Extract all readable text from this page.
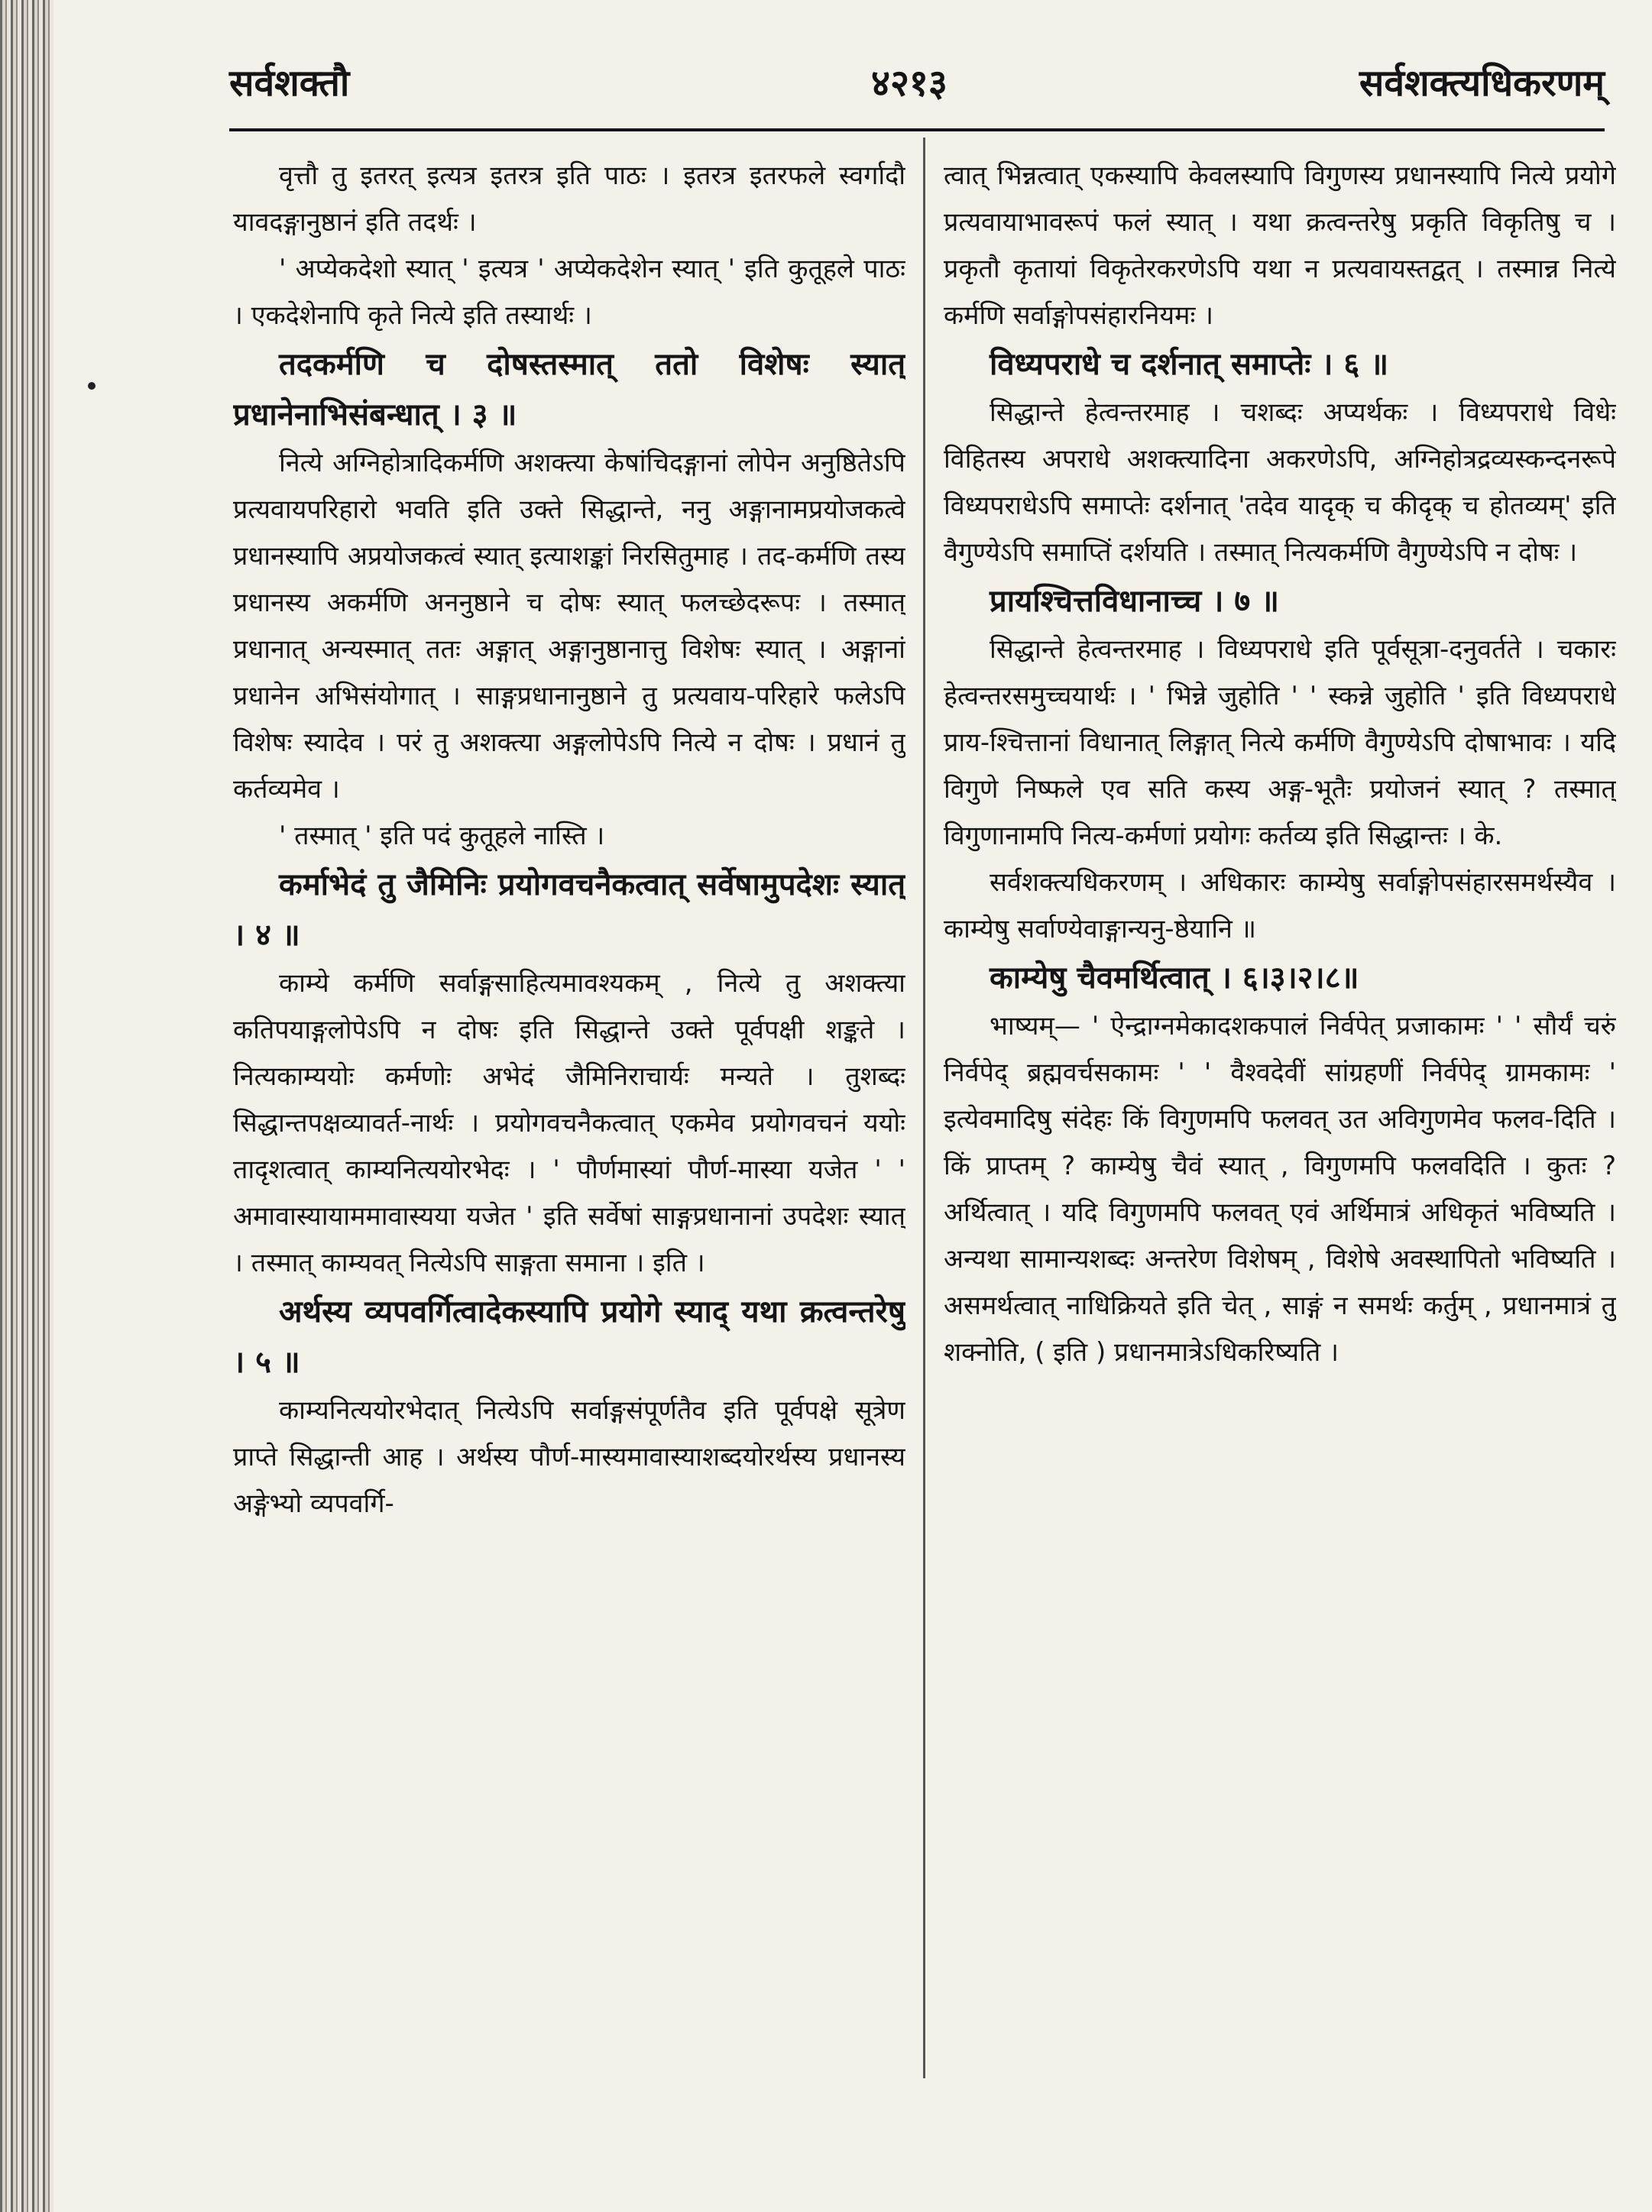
सर्वशक्तौ	४२१३	सर्वशक्त्यधिकरणम्

वृत्तौ तु इतरत् इत्यत्र इतरत्र इति पाठः । इतरत्र इतरफले स्वर्गादौ यावदङ्गानुष्ठानं इति तदर्थः ।

' अप्येकदेशो स्यात् ' इत्यत्र ' अप्येकदेशेन स्यात् ' इति कुतूहले पाठः । एकदेशेनापि कृते नित्ये इति तस्यार्थः ।

तदकर्मणि च दोषस्तस्मात् ततो विशेषः स्यात् प्रधानेनाभिसंबन्धात् । ३ ॥

नित्ये अग्निहोत्रादिकर्मणि अशक्त्या केषांचिदङ्गानां लोपेन अनुष्ठितेऽपि प्रत्यवायपरिहारो भवति इति उक्ते सिद्धान्ते, ननु अङ्गानामप्रयोजकत्वे प्रधानस्यापि अप्रयोजकत्वं स्यात् इत्याशङ्कां निरसितुमाह । तद-कर्मणि तस्य प्रधानस्य अकर्मणि अननुष्ठाने च दोषः स्यात् फलच्छेदरूपः । तस्मात् प्रधानात् अन्यस्मात् ततः अङ्गात् अङ्गानुष्ठानात्तु विशेषः स्यात् । अङ्गानां प्रधानेन अभिसंयोगात् । साङ्गप्रधानानुष्ठाने तु प्रत्यवाय-परिहारे फलेऽपि विशेषः स्यादेव । परं तु अशक्त्या अङ्गलोपेऽपि नित्ये न दोषः । प्रधानं तु कर्तव्यमेव ।

' तस्मात् ' इति पदं कुतूहले नास्ति ।

कर्माभेदं तु जैमिनिः प्रयोगवचनैकत्वात् सर्वेषामुपदेशः स्यात् । ४ ॥

काम्ये कर्मणि सर्वाङ्गसाहित्यमावश्यकम् , नित्ये तु अशक्त्या कतिपयाङ्गलोपेऽपि न दोषः इति सिद्धान्ते उक्ते पूर्वपक्षी शङ्कते । नित्यकाम्ययोः कर्मणोः अभेदं जैमिनिराचार्यः मन्यते । तुशब्दः सिद्धान्तपक्षव्यावर्त-नार्थः । प्रयोगवचनैकत्वात् एकमेव प्रयोगवचनं ययोः तादृशत्वात् काम्यनित्ययोरभेदः । ' पौर्णमास्यां पौर्ण-मास्या यजेत ' ' अमावास्यायाममावास्यया यजेत ' इति सर्वेषां साङ्गप्रधानानां उपदेशः स्यात् । तस्मात् काम्यवत् नित्येऽपि साङ्गता समाना । इति ।

अर्थस्य व्यपवर्गित्वादेकस्यापि प्रयोगे स्याद् यथा क्रत्वन्तरेषु । ५ ॥

काम्यनित्ययोरभेदात् नित्येऽपि सर्वाङ्गसंपूर्णतैव इति पूर्वपक्षे सूत्रेण प्राप्ते सिद्धान्ती आह । अर्थस्य पौर्ण-मास्यमावास्याशब्दयोरर्थस्य प्रधानस्य अङ्गेभ्यो व्यपवर्गि-

त्वात् भिन्नत्वात् एकस्यापि केवलस्यापि विगुणस्य प्रधानस्यापि नित्ये प्रयोगे प्रत्यवायाभावरूपं फलं स्यात् । यथा क्रत्वन्तरेषु प्रकृति विकृतिषु च । प्रकृतौ कृतायां विकृतेरकरणेऽपि यथा न प्रत्यवायस्तद्वत् । तस्मान्न नित्ये कर्मणि सर्वाङ्गोपसंहारनियमः ।

विध्यपराधे च दर्शनात् समाप्तेः । ६ ॥

सिद्धान्ते हेत्वन्तरमाह । चशब्दः अप्यर्थकः । विध्यपराधे विधेः विहितस्य अपराधे अशक्त्यादिना अकरणेऽपि, अग्निहोत्रद्रव्यस्कन्दनरूपे विध्यपराधेऽपि समाप्तेः दर्शनात् 'तदेव यादृक् च कीदृक् च होतव्यम्' इति वैगुण्येऽपि समाप्तिं दर्शयति । तस्मात् नित्यकर्मणि वैगुण्येऽपि न दोषः ।

प्रायश्चित्तविधानाच्च । ७ ॥

सिद्धान्ते हेत्वन्तरमाह । विध्यपराधे इति पूर्वसूत्रा-दनुवर्तते । चकारः हेत्वन्तरसमुच्चयार्थः । ' भिन्ने जुहोति ' ' स्कन्ने जुहोति ' इति विध्यपराधे प्राय-श्चित्तानां विधानात् लिङ्गात् नित्ये कर्मणि वैगुण्येऽपि दोषाभावः । यदि विगुणे निष्फले एव सति कस्य अङ्ग-भूतैः प्रयोजनं स्यात् ? तस्मात् विगुणानामपि नित्य-कर्मणां प्रयोगः कर्तव्य इति सिद्धान्तः । के.

सर्वशक्त्यधिकरणम् । अधिकारः काम्येषु सर्वाङ्गोपसंहारसमर्थस्यैव । काम्येषु सर्वाण्येवाङ्गान्यनु-ष्ठेयानि ॥

काम्येषु चैवमर्थित्वात् । ६।३।२।८॥

भाष्यम्— ' ऐन्द्राग्नमेकादशकपालं निर्वपेत् प्रजाकामः ' ' सौर्यं चरुं निर्वपेद् ब्रह्मवर्चसकामः ' ' वैश्वदेवीं सांग्रहणीं निर्वपेद् ग्रामकामः ' इत्येवमादिषु संदेहः किं विगुणमपि फलवत् उत अविगुणमेव फलव-दिति । किं प्राप्तम् ? काम्येषु चैवं स्यात् , विगुणमपि फलवदिति । कुतः ? अर्थित्वात् । यदि विगुणमपि फलवत् एवं अर्थिमात्रं अधिकृतं भविष्यति । अन्यथा सामान्यशब्दः अन्तरेण विशेषम् , विशेषे अवस्थापितो भविष्यति । असमर्थत्वात् नाधिक्रियते इति चेत् , साङ्गं न समर्थः कर्तुम् , प्रधानमात्रं तु शक्नोति, ( इति ) प्रधानमात्रेऽधिकरिष्यति ।
